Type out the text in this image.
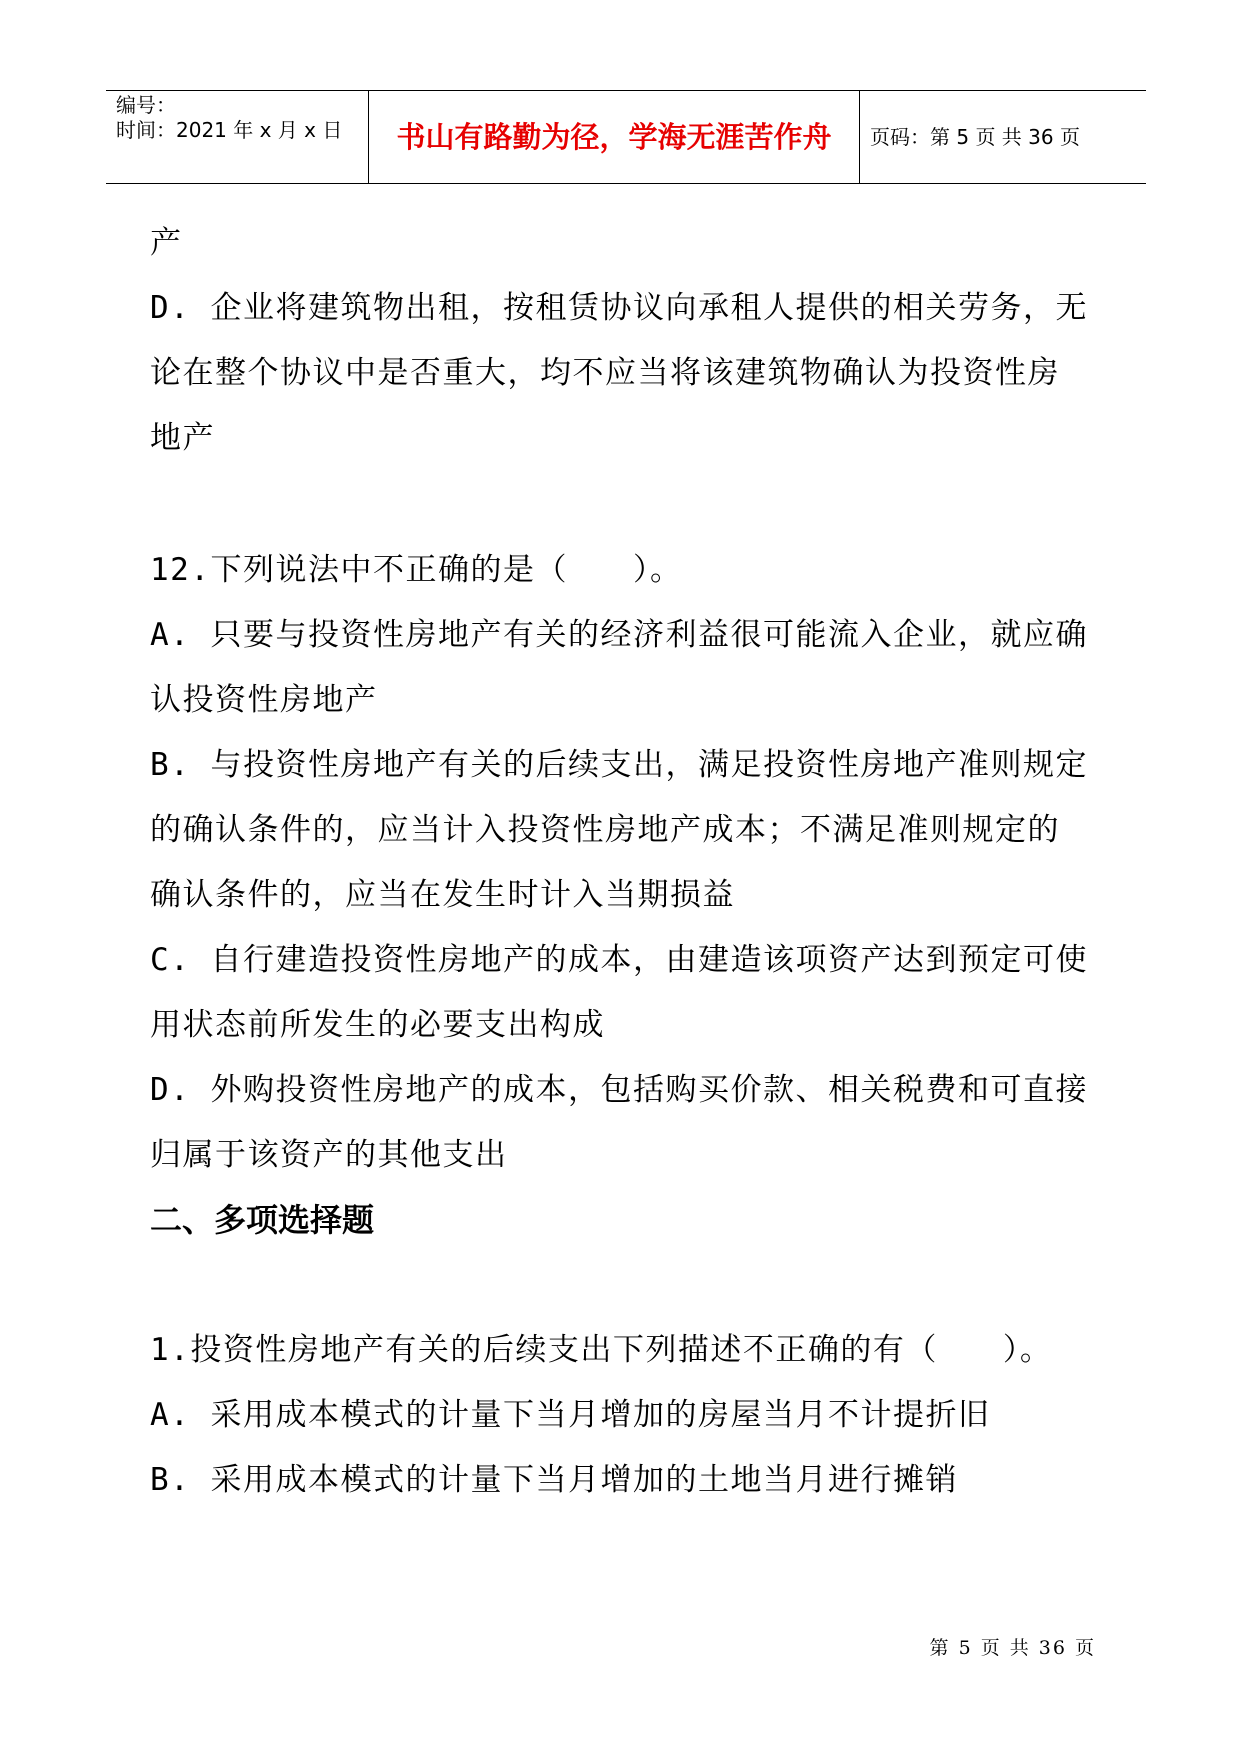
编号：
时间：2021 年 x 月 x 日	书山有路勤为径，学海无涯苦作舟	页码：第 5 页 共 36 页
产
D. 企业将建筑物出租，按租赁协议向承租人提供的相关劳务，无
论在整个协议中是否重大，均不应当将该建筑物确认为投资性房
地产
12.下列说法中不正确的是（　　）。
A. 只要与投资性房地产有关的经济利益很可能流入企业，就应确
认投资性房地产
B. 与投资性房地产有关的后续支出，满足投资性房地产准则规定
的确认条件的，应当计入投资性房地产成本；不满足准则规定的
确认条件的，应当在发生时计入当期损益
C. 自行建造投资性房地产的成本，由建造该项资产达到预定可使
用状态前所发生的必要支出构成
D. 外购投资性房地产的成本，包括购买价款、相关税费和可直接
归属于该资产的其他支出
二、多项选择题
1.投资性房地产有关的后续支出下列描述不正确的有（　　）。
A. 采用成本模式的计量下当月增加的房屋当月不计提折旧
B. 采用成本模式的计量下当月增加的土地当月进行摊销
第 5 页 共 36 页
